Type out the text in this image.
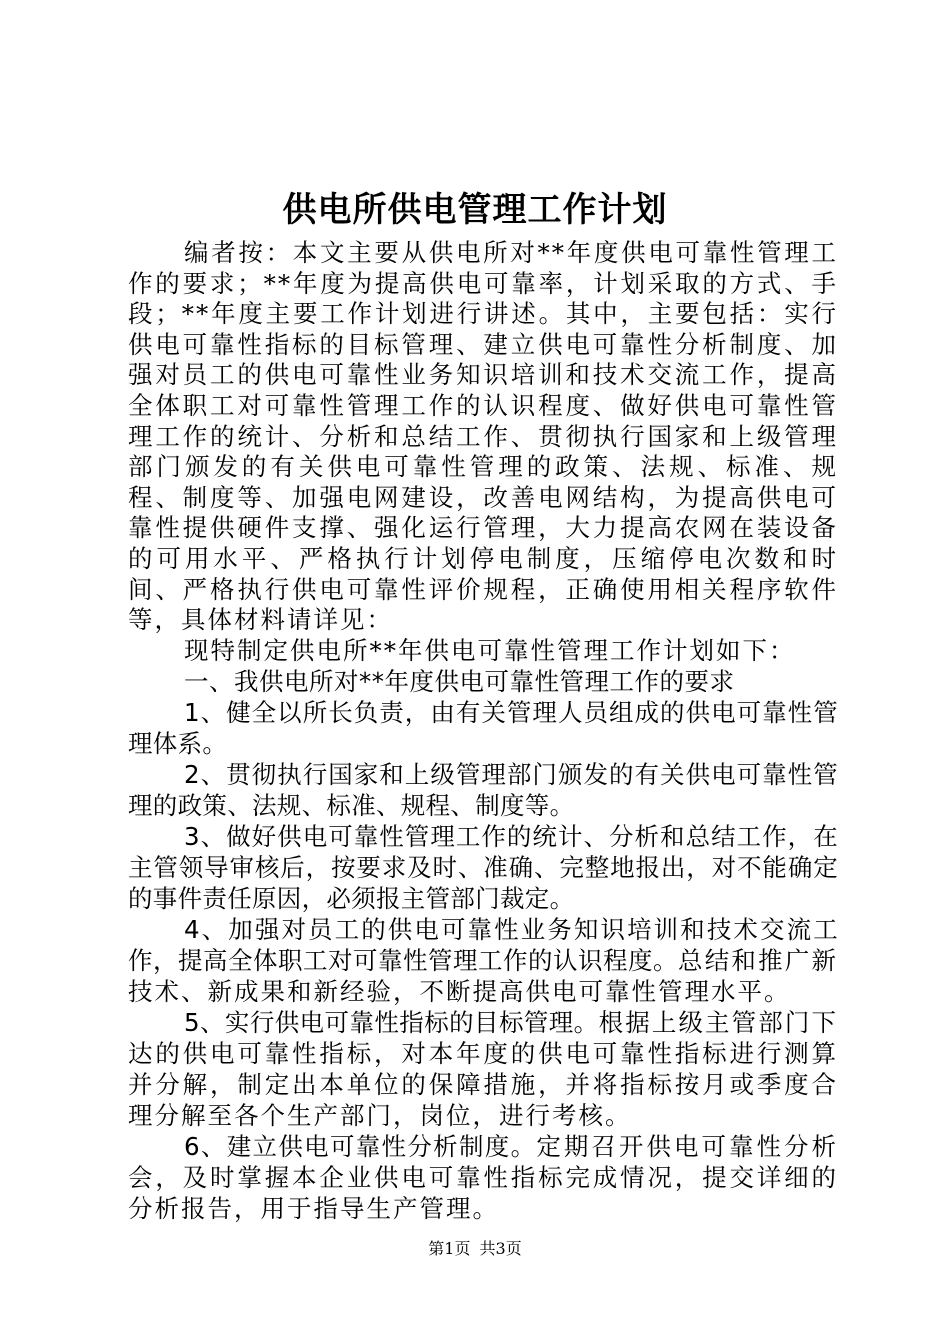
供电所供电管理工作计划

编者按：本文主要从供电所对**年度供电可靠性管理工作的要求；**年度为提高供电可靠率，计划采取的方式、手段；**年度主要工作计划进行讲述。其中，主要包括：实行供电可靠性指标的目标管理、建立供电可靠性分析制度、加强对员工的供电可靠性业务知识培训和技术交流工作，提高全体职工对可靠性管理工作的认识程度、做好供电可靠性管理工作的统计、分析和总结工作、贯彻执行国家和上级管理部门颁发的有关供电可靠性管理的政策、法规、标准、规程、制度等、加强电网建设，改善电网结构，为提高供电可靠性提供硬件支撑、强化运行管理，大力提高农网在装设备的可用水平、严格执行计划停电制度，压缩停电次数和时间、严格执行供电可靠性评价规程，正确使用相关程序软件等，具体材料请详见：

现特制定供电所**年供电可靠性管理工作计划如下：

一、我供电所对**年度供电可靠性管理工作的要求

1、健全以所长负责，由有关管理人员组成的供电可靠性管理体系。

2、贯彻执行国家和上级管理部门颁发的有关供电可靠性管理的政策、法规、标准、规程、制度等。

3、做好供电可靠性管理工作的统计、分析和总结工作，在主管领导审核后，按要求及时、准确、完整地报出，对不能确定的事件责任原因，必须报主管部门裁定。

4、加强对员工的供电可靠性业务知识培训和技术交流工作，提高全体职工对可靠性管理工作的认识程度。总结和推广新技术、新成果和新经验，不断提高供电可靠性管理水平。

5、实行供电可靠性指标的目标管理。根据上级主管部门下达的供电可靠性指标，对本年度的供电可靠性指标进行测算并分解，制定出本单位的保障措施，并将指标按月或季度合理分解至各个生产部门，岗位，进行考核。

6、建立供电可靠性分析制度。定期召开供电可靠性分析会，及时掌握本企业供电可靠性指标完成情况，提交详细的分析报告，用于指导生产管理。

第1页 共3页
